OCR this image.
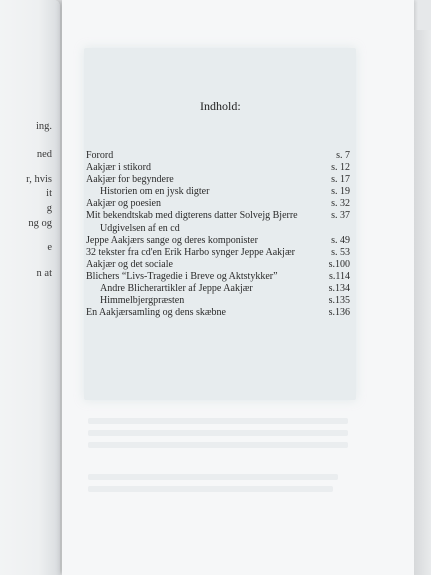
ing.
ned
r, hvis
it
g
ng og
e
n at
Indhold:
Forord	s. 7
Aakjær i stikord	s. 12
Aakjær for begyndere	s. 17
Historien om en jysk digter	s. 19
Aakjær og poesien	s. 32
Mit bekendtskab med digterens datter Solvejg Bjerre	s. 37
Udgivelsen af en cd
Jeppe Aakjærs sange og deres komponister	s. 49
32 tekster fra cd'en Erik Harbo synger Jeppe Aakjær	s. 53
Aakjær og det sociale	s.100
Blichers “Livs-Tragedie i Breve og Aktstykker”	s.114
Andre Blicherartikler af Jeppe Aakjær	s.134
Himmelbjergpræsten	s.135
En Aakjærsamling og dens skæbne	s.136
